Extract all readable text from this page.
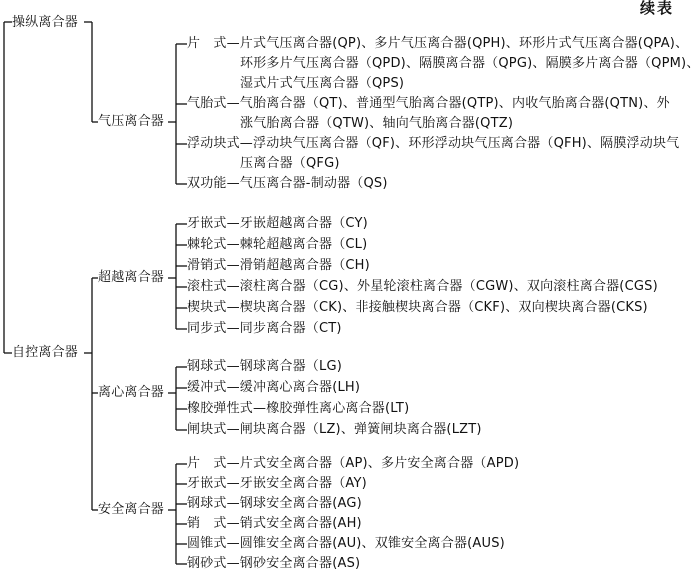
续表
操纵离合器
自控离合器
气压离合器
超越离合器
离心离合器
安全离合器
片　式—片式气压离合器(QP)、多片气压离合器(QPH)、环形片式气压离合器(QPA)、
气胎式—气胎离合器（QT)、普通型气胎离合器(QTP)、内收气胎离合器(QTN)、外
浮动块式—浮动块气压离合器（QF)、环形浮动块气压离合器（QFH)、隔膜浮动块气
双功能—气压离合器-制动器（QS)
牙嵌式—牙嵌超越离合器（CY)
棘轮式—棘轮超越离合器（CL)
滑销式—滑销超越离合器（CH)
滚柱式—滚柱离合器（CG)、外星轮滚柱离合器（CGW)、双向滚柱离合器(CGS)
楔块式—楔块离合器（CK)、非接触楔块离合器（CKF)、双向楔块离合器(CKS)
同步式—同步离合器（CT)
钢球式—钢球离合器（LG)
缓冲式—缓冲离心离合器(LH)
橡胶弹性式—橡胶弹性离心离合器(LT)
闸块式—闸块离合器（LZ)、弹簧闸块离合器(LZT)
片　式—片式安全离合器（AP)、多片安全离合器（APD)
牙嵌式—牙嵌安全离合器（AY)
钢球式—钢球安全离合器(AG)
销　式—销式安全离合器(AH)
圆锥式—圆锥安全离合器(AU)、双锥安全离合器(AUS)
钢砂式—钢砂安全离合器(AS)
环形多片气压离合器（QPD)、隔膜离合器（QPG)、隔膜多片离合器（QPM)、
湿式片式气压离合器（QPS)
涨气胎离合器（QTW)、轴向气胎离合器(QTZ)
压离合器（QFG)
